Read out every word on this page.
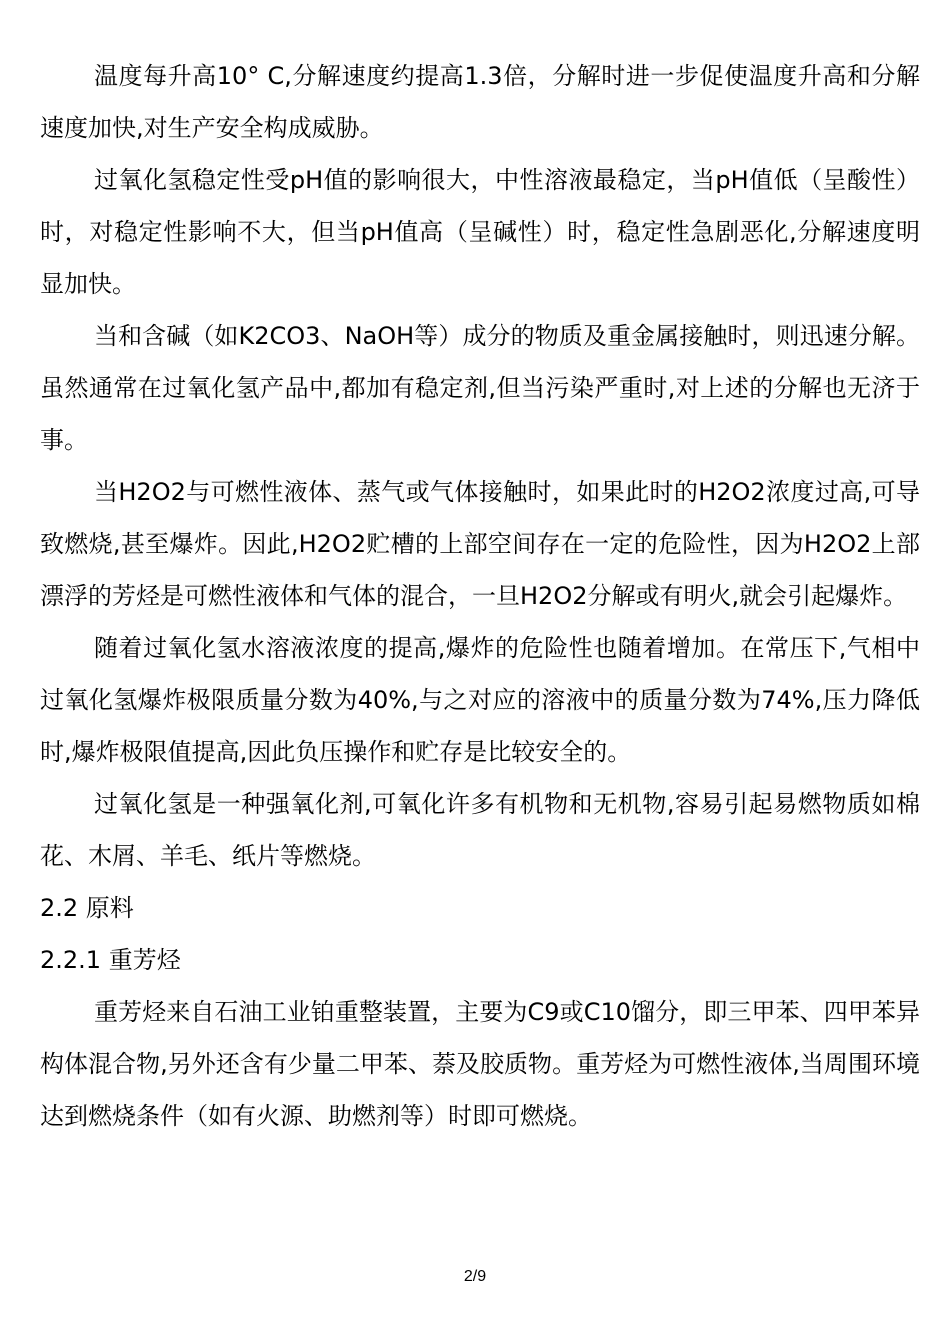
温度每升高10° C,分解速度约提高1.3倍，分解时进一步促使温度升高和分解速度加快,对生产安全构成威胁。

过氧化氢稳定性受pH值的影响很大，中性溶液最稳定，当pH值低（呈酸性）时，对稳定性影响不大，但当pH值高（呈碱性）时，稳定性急剧恶化,分解速度明显加快。

当和含碱（如K2CO3、NaOH等）成分的物质及重金属接触时，则迅速分解。虽然通常在过氧化氢产品中,都加有稳定剂,但当污染严重时,对上述的分解也无济于事。

当H2O2与可燃性液体、蒸气或气体接触时，如果此时的H2O2浓度过高,可导致燃烧,甚至爆炸。因此,H2O2贮槽的上部空间存在一定的危险性，因为H2O2上部漂浮的芳烃是可燃性液体和气体的混合，一旦H2O2分解或有明火,就会引起爆炸。

随着过氧化氢水溶液浓度的提高,爆炸的危险性也随着增加。在常压下,气相中过氧化氢爆炸极限质量分数为40%,与之对应的溶液中的质量分数为74%,压力降低时,爆炸极限值提高,因此负压操作和贮存是比较安全的。

过氧化氢是一种强氧化剂,可氧化许多有机物和无机物,容易引起易燃物质如棉花、木屑、羊毛、纸片等燃烧。

2.2 原料

2.2.1 重芳烃

重芳烃来自石油工业铂重整装置，主要为C9或C10馏分，即三甲苯、四甲苯异构体混合物,另外还含有少量二甲苯、萘及胶质物。重芳烃为可燃性液体,当周围环境达到燃烧条件（如有火源、助燃剂等）时即可燃烧。

2/9
